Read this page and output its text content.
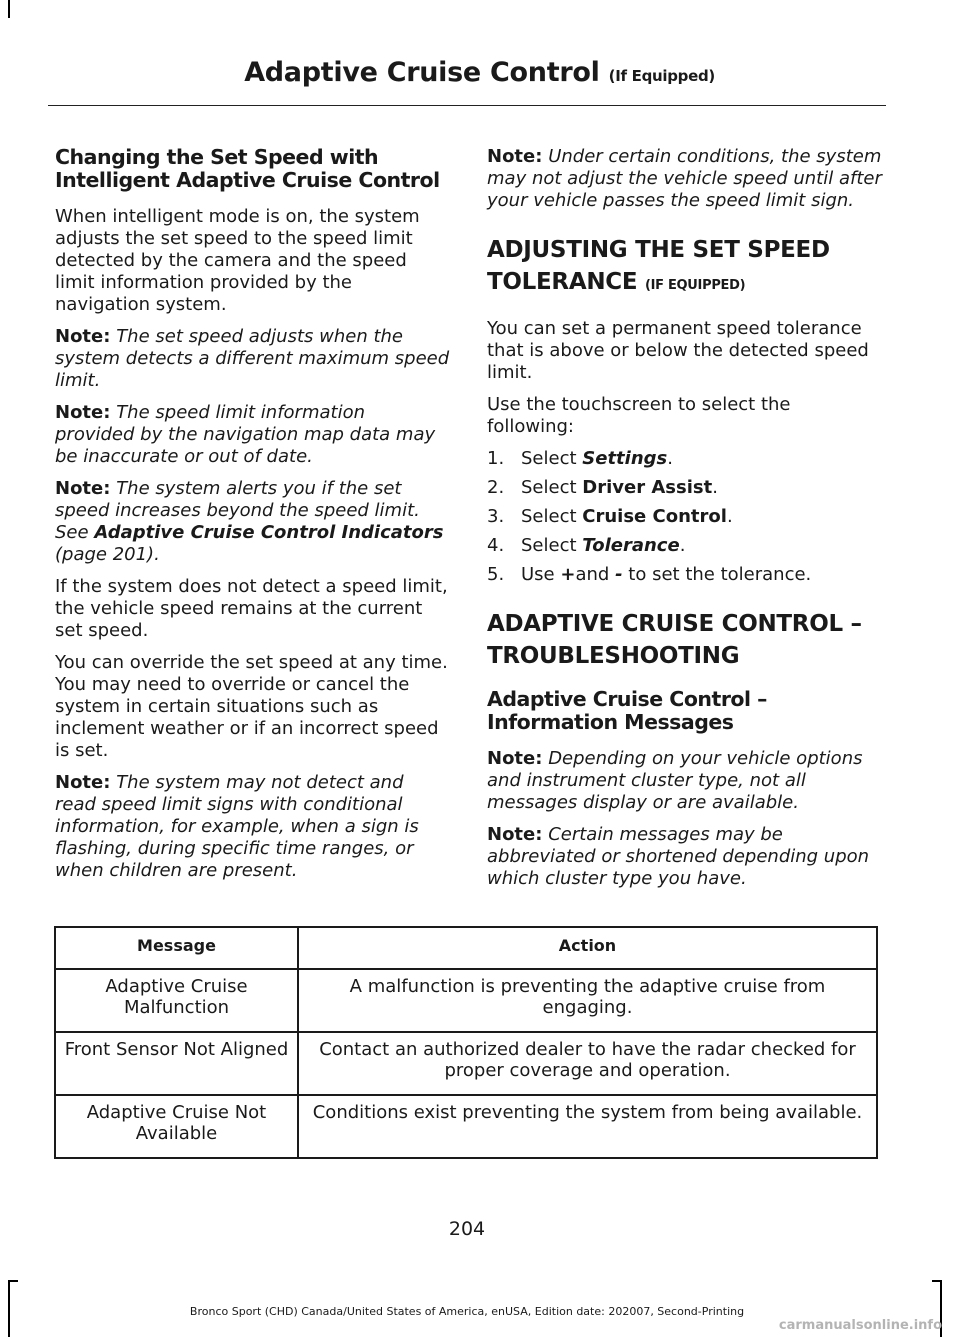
Adaptive Cruise Control (If Equipped)
Changing the Set Speed with Intelligent Adaptive Cruise Control

When intelligent mode is on, the system adjusts the set speed to the speed limit detected by the camera and the speed limit information provided by the navigation system.

Note: The set speed adjusts when the system detects a different maximum speed limit.

Note: The speed limit information provided by the navigation map data may be inaccurate or out of date.

Note: The system alerts you if the set speed increases beyond the speed limit. See Adaptive Cruise Control Indicators (page 201).

If the system does not detect a speed limit, the vehicle speed remains at the current set speed.

You can override the set speed at any time. You may need to override or cancel the system in certain situations such as inclement weather or if an incorrect speed is set.

Note: The system may not detect and read speed limit signs with conditional information, for example, when a sign is flashing, during specific time ranges, or when children are present.

Note: Under certain conditions, the system may not adjust the vehicle speed until after your vehicle passes the speed limit sign.

ADJUSTING THE SET SPEED TOLERANCE (IF EQUIPPED)

You can set a permanent speed tolerance that is above or below the detected speed limit.

Use the touchscreen to select the following:

1. Select Settings.
2. Select Driver Assist.
3. Select Cruise Control.
4. Select Tolerance.
5. Use +and - to set the tolerance.
ADAPTIVE CRUISE CONTROL – TROUBLESHOOTING
Adaptive Cruise Control – Information Messages

Note: Depending on your vehicle options and instrument cluster type, not all messages display or are available.

Note: Certain messages may be abbreviated or shortened depending upon which cluster type you have.

Message	Action
Adaptive Cruise Malfunction	A malfunction is preventing the adaptive cruise from engaging.
Front Sensor Not Aligned	Contact an authorized dealer to have the radar checked for proper coverage and operation.
Adaptive Cruise Not Available	Conditions exist preventing the system from being available.
204
Bronco Sport (CHD) Canada/United States of America, enUSA, Edition date: 202007, Second-Printing
carmanualsonline.info
